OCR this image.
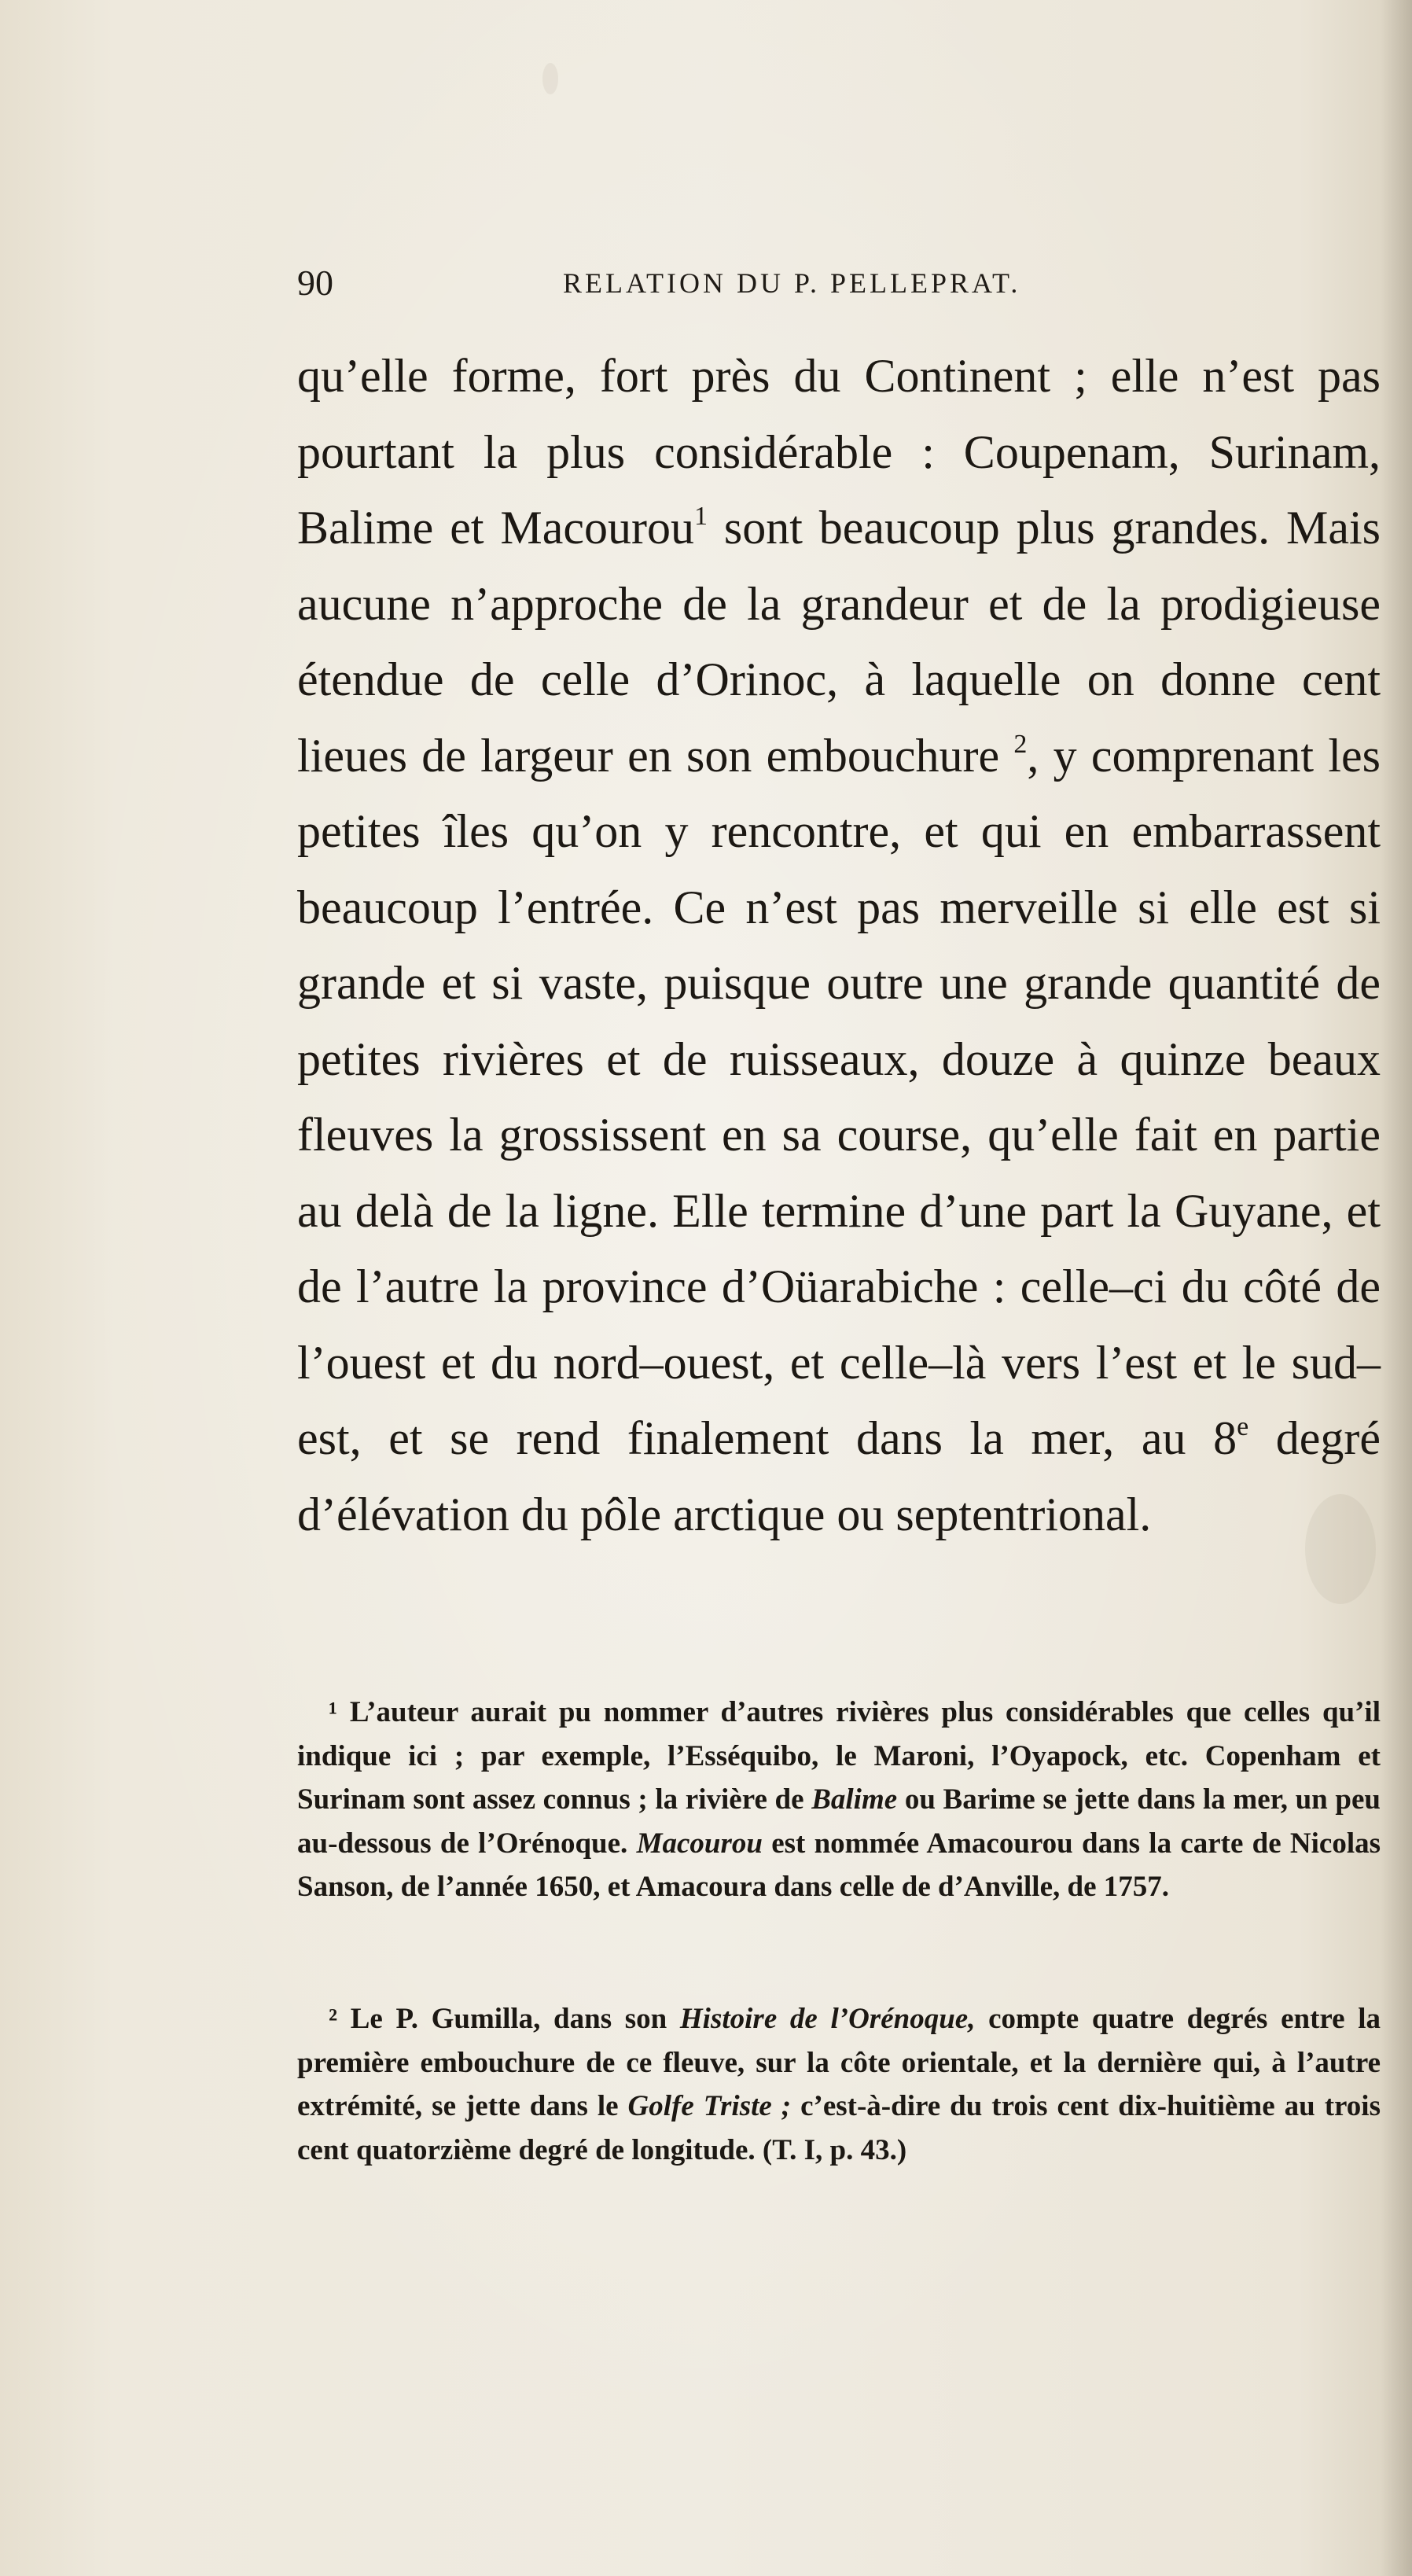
90	RELATION DU P. PELLEPRAT.
qu’elle forme, fort près du Continent ; elle n’est pas pourtant la plus considérable : Coupenam, Surinam, Balime et Macourou$^1$ sont beaucoup plus grandes. Mais aucune n’approche de la grandeur et de la prodigieuse étendue de celle d’Orinoc, à laquelle on donne cent lieues de largeur en son embouchure $^2$, y comprenant les petites îles qu’on y rencontre, et qui en embarrassent beaucoup l’entrée. Ce n’est pas merveille si elle est si grande et si vaste, puisque outre une grande quantité de petites rivières et de ruisseaux, douze à quinze beaux fleuves la grossissent en sa course, qu’elle fait en partie au delà de la ligne. Elle termine d’une part la Guyane, et de l’autre la province d’Oüarabiche : celle–ci du côté de l’ouest et du nord–ouest, et celle–là vers l’est et le sud–est, et se rend finalement dans la mer, au 8e degré d’élévation du pôle arctique ou septentrional.
¹ L’auteur aurait pu nommer d’autres rivières plus considérables que celles qu’il indique ici ; par exemple, l’Esséquibo, le Maroni, l’Oyapock, etc. Copenham et Surinam sont assez connus ; la rivière de Balime ou Barime se jette dans la mer, un peu au-dessous de l’Orénoque. Macourou est nommée Amacourou dans la carte de Nicolas Sanson, de l’année 1650, et Amacoura dans celle de d’Anville, de 1757.
² Le P. Gumilla, dans son Histoire de l’Orénoque, compte quatre degrés entre la première embouchure de ce fleuve, sur la côte orientale, et la dernière qui, à l’autre extrémité, se jette dans le Golfe Triste ; c’est-à-dire du trois cent dix-huitième au trois cent quatorzième degré de longitude. (T. I, p. 43.)
